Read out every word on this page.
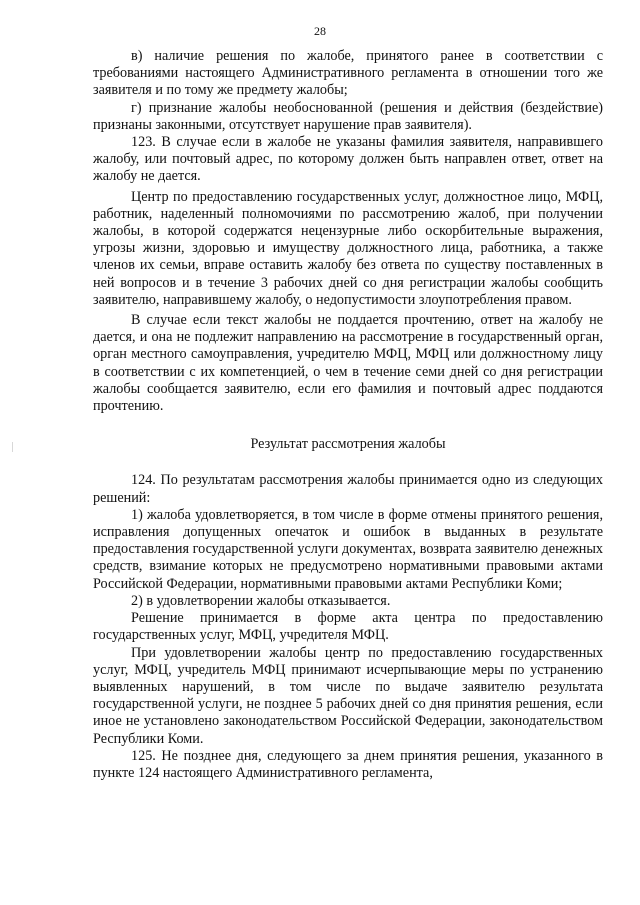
28

в) наличие решения по жалобе, принятого ранее в соответствии с требованиями настоящего Административного регламента в отношении того же заявителя и по тому же предмету жалобы;

г) признание жалобы необоснованной (решения и действия (бездействие) признаны законными, отсутствует нарушение прав заявителя).

123. В случае если в жалобе не указаны фамилия заявителя, направившего жалобу, или почтовый адрес, по которому должен быть направлен ответ, ответ на жалобу не дается.

Центр по предоставлению государственных услуг, должностное лицо, МФЦ, работник, наделенный полномочиями по рассмотрению жалоб, при получении жалобы, в которой содержатся нецензурные либо оскорбительные выражения, угрозы жизни, здоровью и имуществу должностного лица, работника, а также членов их семьи, вправе оставить жалобу без ответа по существу поставленных в ней вопросов и в течение 3 рабочих дней со дня регистрации жалобы сообщить заявителю, направившему жалобу, о недопустимости злоупотребления правом.

В случае если текст жалобы не поддается прочтению, ответ на жалобу не дается, и она не подлежит направлению на рассмотрение в государственный орган, орган местного самоуправления, учредителю МФЦ, МФЦ или должностному лицу в соответствии с их компетенцией, о чем в течение семи дней со дня регистрации жалобы сообщается заявителю, если его фамилия и почтовый адрес поддаются прочтению.

Результат рассмотрения жалобы

124. По результатам рассмотрения жалобы принимается одно из следующих решений:

1) жалоба удовлетворяется, в том числе в форме отмены принятого решения, исправления допущенных опечаток и ошибок в выданных в результате предоставления государственной услуги документах, возврата заявителю денежных средств, взимание которых не предусмотрено нормативными правовыми актами Российской Федерации, нормативными правовыми актами Республики Коми;

2) в удовлетворении жалобы отказывается.

Решение принимается в форме акта центра по предоставлению государственных услуг, МФЦ, учредителя МФЦ.

При удовлетворении жалобы центр по предоставлению государственных услуг, МФЦ, учредитель МФЦ принимают исчерпывающие меры по устранению выявленных нарушений, в том числе по выдаче заявителю результата государственной услуги, не позднее 5 рабочих дней со дня принятия решения, если иное не установлено законодательством Российской Федерации, законодательством Республики Коми.

125. Не позднее дня, следующего за днем принятия решения, указанного в пункте 124 настоящего Административного регламента,
